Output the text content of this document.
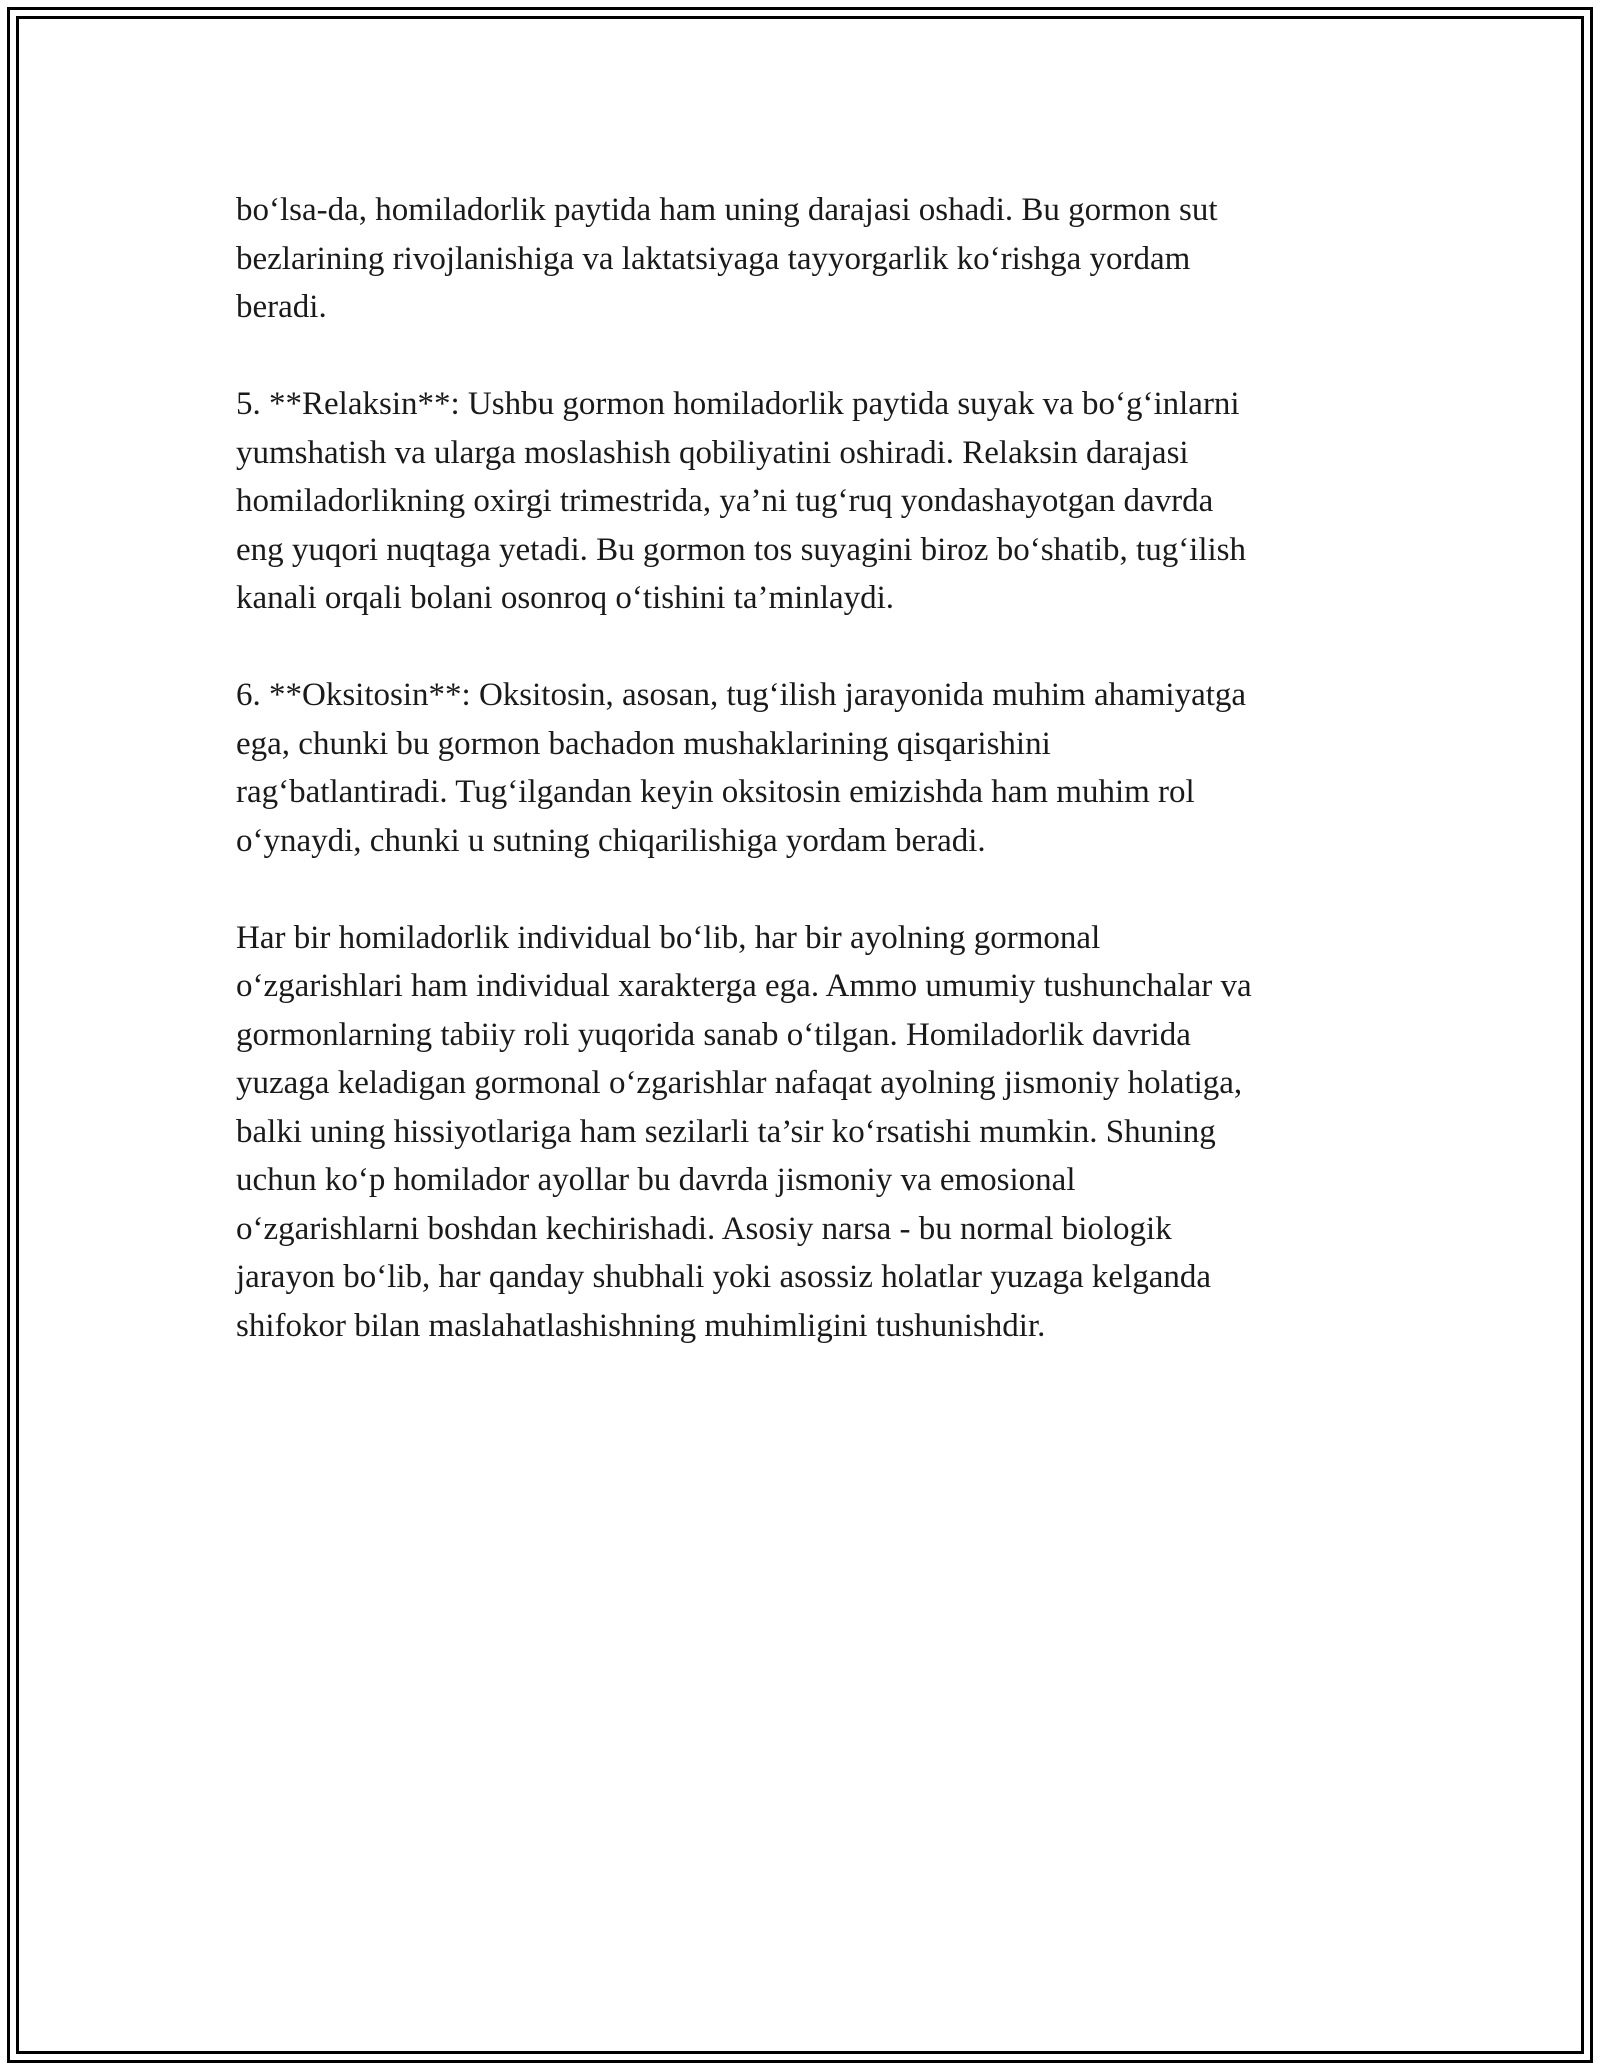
bo‘lsa-da, homiladorlik paytida ham uning darajasi oshadi. Bu gormon sut
bezlarining rivojlanishiga va laktatsiyaga tayyorgarlik ko‘rishga yordam
beradi.

5. **Relaksin**: Ushbu gormon homiladorlik paytida suyak va bo‘g‘inlarni
yumshatish va ularga moslashish qobiliyatini oshiradi. Relaksin darajasi
homiladorlikning oxirgi trimestrida, ya’ni tug‘ruq yondashayotgan davrda
eng yuqori nuqtaga yetadi. Bu gormon tos suyagini biroz bo‘shatib, tug‘ilish
kanali orqali bolani osonroq o‘tishini ta’minlaydi.

6. **Oksitosin**: Oksitosin, asosan, tug‘ilish jarayonida muhim ahamiyatga
ega, chunki bu gormon bachadon mushaklarining qisqarishini
rag‘batlantiradi. Tug‘ilgandan keyin oksitosin emizishda ham muhim rol
o‘ynaydi, chunki u sutning chiqarilishiga yordam beradi.

Har bir homiladorlik individual bo‘lib, har bir ayolning gormonal
o‘zgarishlari ham individual xarakterga ega. Ammo umumiy tushunchalar va
gormonlarning tabiiy roli yuqorida sanab o‘tilgan. Homiladorlik davrida
yuzaga keladigan gormonal o‘zgarishlar nafaqat ayolning jismoniy holatiga,
balki uning hissiyotlariga ham sezilarli ta’sir ko‘rsatishi mumkin. Shuning
uchun ko‘p homilador ayollar bu davrda jismoniy va emosional
o‘zgarishlarni boshdan kechirishadi. Asosiy narsa - bu normal biologik
jarayon bo‘lib, har qanday shubhali yoki asossiz holatlar yuzaga kelganda
shifokor bilan maslahatlashishning muhimligini tushunishdir.
